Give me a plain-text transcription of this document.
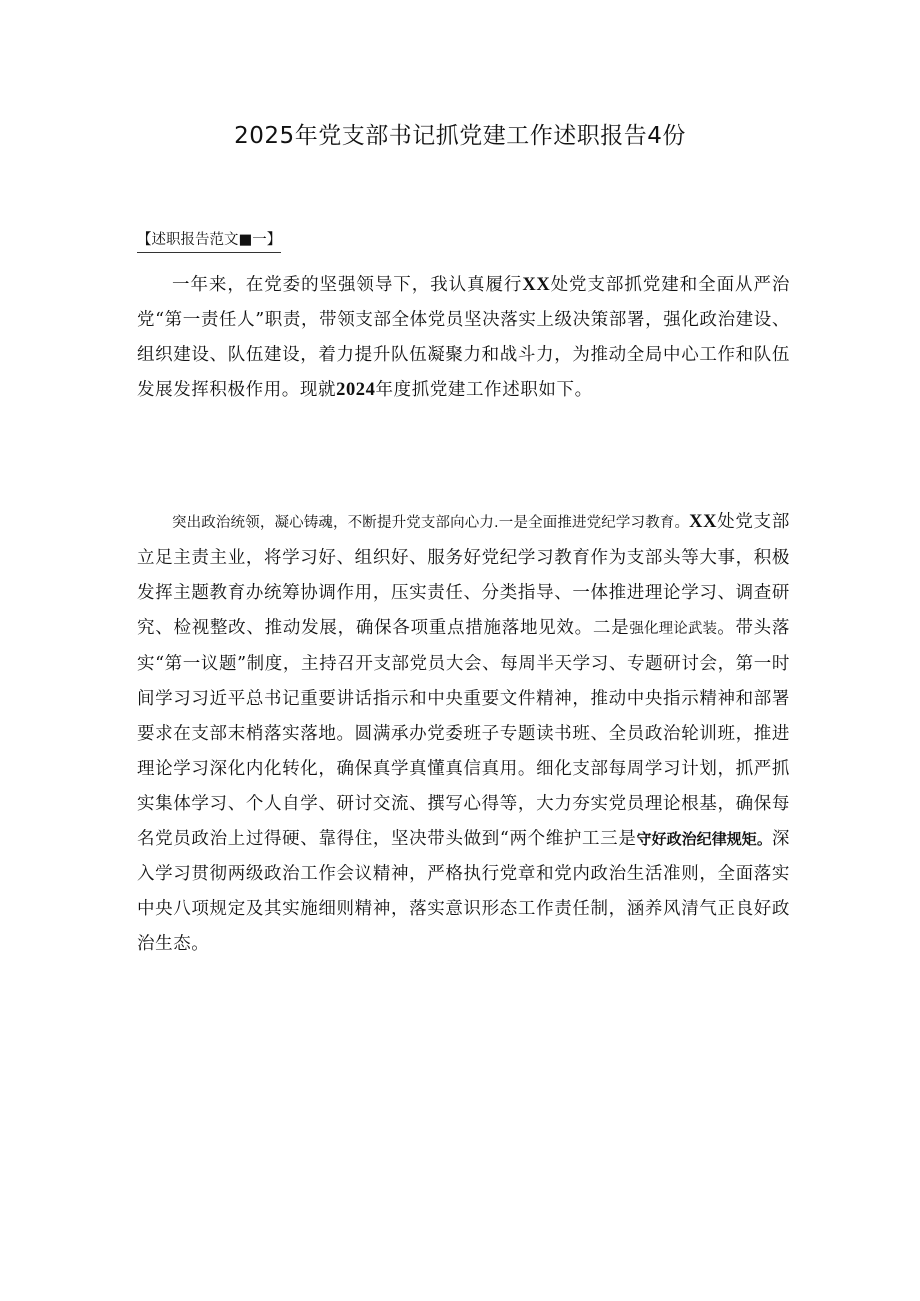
2025年党支部书记抓党建工作述职报告4份
【述职报告范文■一】

一年来，在党委的坚强领导下，我认真履行XX处党支部抓党建和全面从严治党“第一责任人”职责，带领支部全体党员坚决落实上级决策部署，强化政治建设、组织建设、队伍建设，着力提升队伍凝聚力和战斗力，为推动全局中心工作和队伍发展发挥积极作用。现就2024年度抓党建工作述职如下。

突出政治统领，凝心铸魂，不断提升党支部向心力.一是全面推进党纪学习教育。XX处党支部立足主责主业，将学习好、组织好、服务好党纪学习教育作为支部头等大事，积极发挥主题教育办统筹协调作用，压实责任、分类指导、一体推进理论学习、调查研究、检视整改、推动发展，确保各项重点措施落地见效。二是强化理论武装。带头落实“第一议题”制度，主持召开支部党员大会、每周半天学习、专题研讨会，第一时间学习习近平总书记重要讲话指示和中央重要文件精神，推动中央指示精神和部署要求在支部末梢落实落地。圆满承办党委班子专题读书班、全员政治轮训班，推进理论学习深化内化转化，确保真学真懂真信真用。细化支部每周学习计划，抓严抓实集体学习、个人自学、研讨交流、撰写心得等，大力夯实党员理论根基，确保每名党员政治上过得硬、靠得住，坚决带头做到“两个维护工三是守好政治纪律规矩。深入学习贯彻两级政治工作会议精神，严格执行党章和党内政治生活准则，全面落实中央八项规定及其实施细则精神，落实意识形态工作责任制，涵养风清气正良好政治生态。
